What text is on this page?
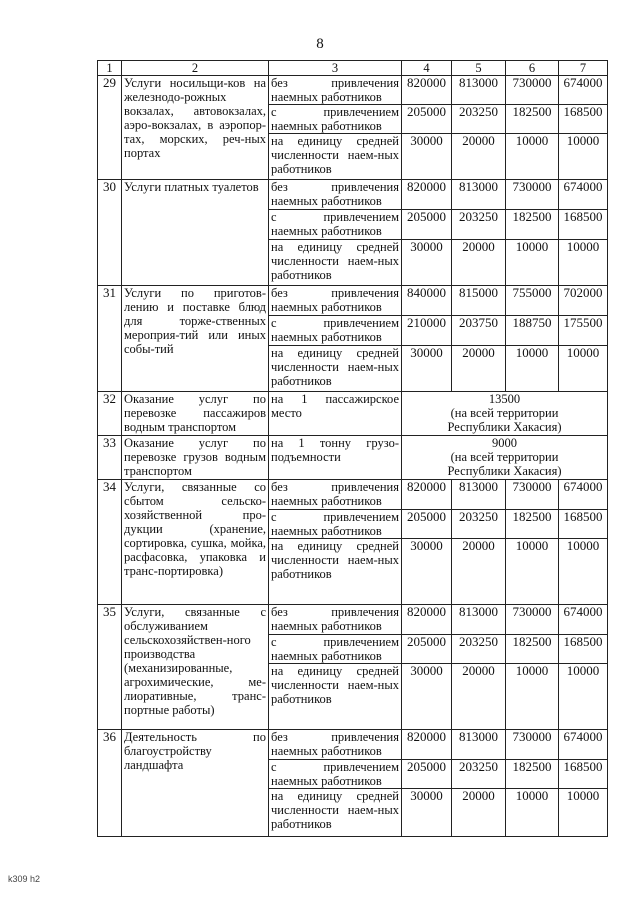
8
1	2	3	4	5	6	7
29	Услуги носильщи-ков на железнодо-рожных вокзалах, автовокзалах, аэро-вокзалах, в аэропор-тах, морских, реч-ных портах	без привлечения наемных работников	820000	813000	730000	674000
		с привлечением наемных работников	205000	203250	182500	168500
		на единицу средней численности наем-ных работников	30000	20000	10000	10000
30	Услуги платных туалетов	без привлечения наемных работников	820000	813000	730000	674000
		с привлечением наемных работников	205000	203250	182500	168500
		на единицу средней численности наем-ных работников	30000	20000	10000	10000
31	Услуги по приготов-лению и поставке блюд для торже-ственных мероприя-тий или иных собы-тий	без привлечения наемных работников	840000	815000	755000	702000
		с привлечением наемных работников	210000	203750	188750	175500
		на единицу средней численности наем-ных работников	30000	20000	10000	10000
32	Оказание услуг по перевозке пассажиров водным транспортом	на 1 пассажирское место	13500
(на всей территории
Республики Хакасия)			

33	Оказание услуг по перевозке грузов водным транспортом	на 1 тонну грузо-подъемности	9000
(на всей территории
Республики Хакасия)			

34	Услуги, связанные со сбытом сельско-хозяйственной про-дукции (хранение, сортировка, сушка, мойка, расфасовка, упаковка и транс-портировка)	без привлечения наемных работников	820000	813000	730000	674000
		с привлечением наемных работников	205000	203250	182500	168500
		на единицу средней численности наем-ных работников	30000	20000	10000	10000
35	Услуги, связанные с обслуживанием сельскохозяйствен-ного производства (механизированные, агрохимические, ме-лиоративные, транс-портные работы)	без привлечения наемных работников	820000	813000	730000	674000
		с привлечением наемных работников	205000	203250	182500	168500
		на единицу средней численности наем-ных работников	30000	20000	10000	10000
36	Деятельность по благоустройству ландшафта	без привлечения наемных работников	820000	813000	730000	674000
		с привлечением наемных работников	205000	203250	182500	168500
		на единицу средней численности наем-ных работников	30000	20000	10000	10000
k309 h2
